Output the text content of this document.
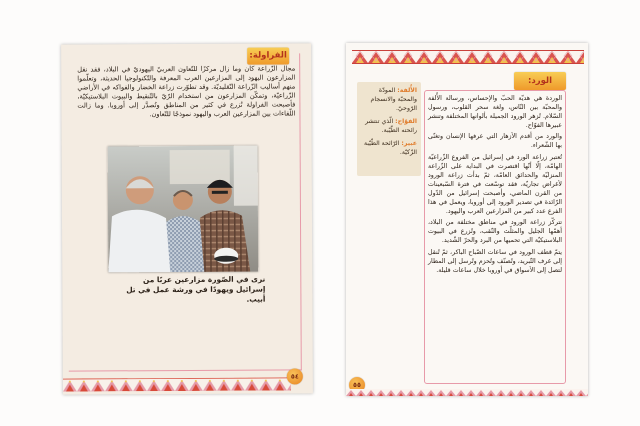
الفراولة:
مجال الزّراعة كان وما زال مركزًا للتّعاون العربيّ اليهوديّ في البلاد، فقد نقل المزارعون اليهود إلى المزارعين العرب المعرفة والتّكنولوجيا الحديثة، وتعلّموا منهم أساليب الزّراعة التّقليديّة. وقد تطوّرت زراعة الخضار والفواكه في الأراضي الزّراعيّة، وتمكّن المزارعون من استخدام الرّيّ بالتّنقيط والبيوت البلاستيكيّة، فأصبحت الفراولة تُزرع في كثير من المناطق وتُصدَّر إلى أوروبا. وما زالت اللّقاءات بين المزارعين العرب واليهود نموذجًا للتّعاون.
نرى في الصّورة مزارعين عربًا من إسرائيل ويهودًا في ورشة عمل في تل أبيب.
٥٤
الورد:
الأُلفة: المودّة والمحبّة والانسجام الرّوحيّ.
الفوّاح: الّذي تنتشر رائحته الطّيّبة.
عبير: الرّائحة الطّيّبة الزّكيّة.

الوردة هي هديّة الحبّ والإحساس، ورسالة الأُلفة والمحبّة بين النّاس، ولغة سحر القلوب، ورسول السّلام. تُزهر الورود الجميلة بألوانها المختلفة وتنشر عبيرها الفوّاح.

والورد من أقدم الأزهار التي عرفها الإنسان وتغنّى بها الشّعراء.

تُعتبر زراعة الورد في إسرائيل من الفروع الزّراعيّة الهامّة، إلّا أنّها اقتصرت في البداية على الزّراعة المنزليّة والحدائق العامّة، ثمّ بدأت زراعة الورود لأغراض تجاريّة، فقد توسّعت في فترة السّبعينات من القرن الماضي، وأصبحت إسرائيل من الدّول الرّائدة في تصدير الورود إلى أوروبا، ويعمل في هذا الفرع عدد كبير من المزارعين العرب واليهود.

تتركّز زراعة الورود في مناطق مختلفة من البلاد، أهمّها الجليل والمثلّث والنّقب، وتُزرع في البيوت البلاستيكيّة التي تحميها من البرد والحرّ الشّديد.

يتمّ قطف الورود في ساعات الصّباح الباكر، ثمّ تُنقل إلى غرف التّبريد، وتُصنّف وتُحزم وتُرسل إلى المطار لتصل إلى الأسواق في أوروبا خلال ساعات قليلة.

٥٥
